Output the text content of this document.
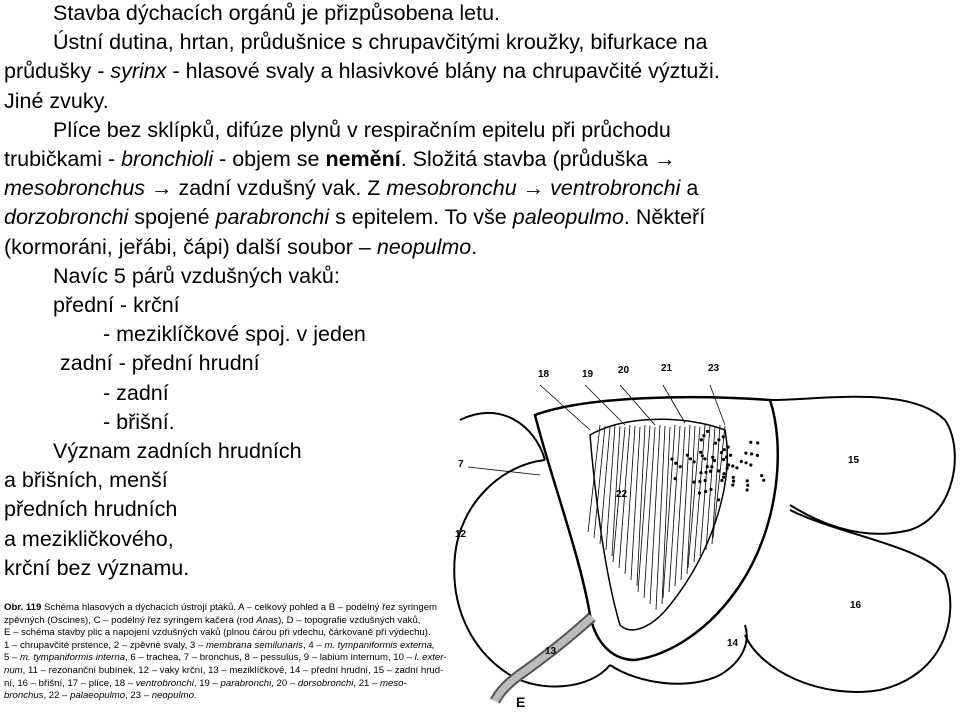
Stavba dýchacích orgánů je přizpůsobena letu.
Ústní dutina, hrtan, průdušnice s chrupavčitými kroužky, bifurkace na
průdušky - syrinx - hlasové svaly a hlasivkové blány na chrupavčité výztuži.
Jiné zvuky.
Plíce bez sklípků, difúze plynů v respiračním epitelu při průchodu
trubičkami - bronchioli - objem se nemění. Složitá stavba (průduška →
mesobronchus → zadní vzdušný vak. Z mesobronchu → ventrobronchi a
dorzobronchi spojené parabronchi s epitelem. To vše paleopulmo. Někteří
(kormoráni, jeřábi, čápi) další soubor – neopulmo.
Navíc 5 párů vzdušných vaků:
přední - krční
- meziklíčkové spoj. v jeden
zadní - přední hrudní
- zadní
- břišní.
Význam zadních hrudních
a břišních, menší
předních hrudních
a mezikličkového,
krční bez významu.
Obr. 119 Schéma hlasových a dýchacích ústrojí ptáků. A – celkový pohled a B – podélný řez syringem
zpěvných (Oscines), C – podélný řez syringem kačera (rod Anas), D – topografie vzdušných vaků,
E – schéma stavby plic a napojení vzdušných vaků (plnou čárou při vdechu, čárkovaně při výdechu).
1 – chrupavčité prstence, 2 – zpěvné svaly, 3 – membrana semilunaris, 4 – m. tympaniformis externa,
5 – m. tympaniformis interna, 6 – trachea, 7 – bronchus, 8 – pessulus, 9 – labium internum, 10 – l. exter-
num, 11 – rezonanční bubínek, 12 – vaky krční, 13 – meziklíčkové, 14 – přední hrudní, 15 – zadní hrud-
ní, 16 – břišní, 17 – plíce, 18 – ventrobronchi, 19 – parabronchi, 20 – dorsobronchi, 21 – meso-
bronchus, 22 – palaeopulmo, 23 – neopulmo.
18	19 20	21	23
7	15
22
12
16
13
14
E
